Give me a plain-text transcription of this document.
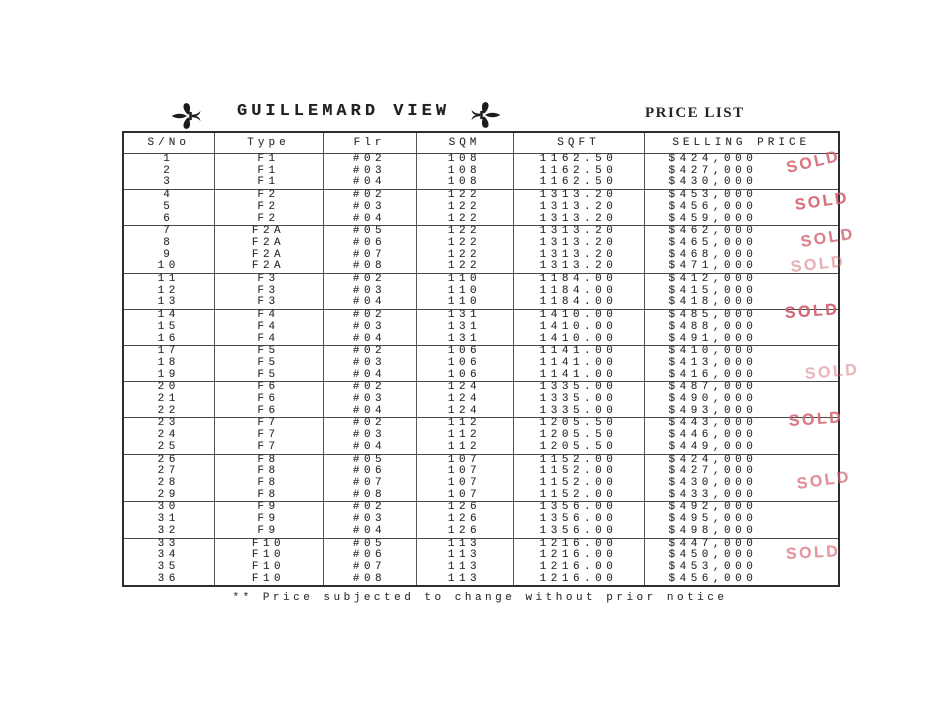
GUILLEMARD VIEW	PRICE LIST
S/No	Type	Flr	SQM	SQFT	SELLING PRICE
1	F1	#02	108	1162.50	$424,000
2	F1	#03	108	1162.50	$427,000 SOLD

3	F1	#04	108	1162.50	$430,000
4	F2	#02	122	1313.20	$453,000
5	F2	#03	122	1313.20	$456,000 SOLD

6	F2	#04	122	1313.20	$459,000
7	F2A	#05	122	1313.20	$462,000
8	F2A	#06	122	1313.20	$465,000 SOLD

9	F2A	#07	122	1313.20	$468,000
10	F2A	#08	122	1313.20	$471,000 SOLD

11	F3	#02	110	1184.00	$412,000
12	F3	#03	110	1184.00	$415,000
13	F3	#04	110	1184.00	$418,000
14	F4	#02	131	1410.00	$485,000 SOLD

15	F4	#03	131	1410.00	$488,000
16	F4	#04	131	1410.00	$491,000
17	F5	#02	106	1141.00	$410,000
18	F5	#03	106	1141.00	$413,000
19	F5	#04	106	1141.00	$416,000 SOLD

20	F6	#02	124	1335.00	$487,000
21	F6	#03	124	1335.00	$490,000
22	F6	#04	124	1335.00	$493,000
23	F7	#02	112	1205.50	$443,000 SOLD

24	F7	#03	112	1205.50	$446,000
25	F7	#04	112	1205.50	$449,000
26	F8	#05	107	1152.00	$424,000
27	F8	#06	107	1152.00	$427,000
28	F8	#07	107	1152.00	$430,000 SOLD

29	F8	#08	107	1152.00	$433,000
30	F9	#02	126	1356.00	$492,000
31	F9	#03	126	1356.00	$495,000
32	F9	#04	126	1356.00	$498,000
33	F10	#05	113	1216.00	$447,000
34	F10	#06	113	1216.00	$450,000 SOLD

35	F10	#07	113	1216.00	$453,000
36	F10	#08	113	1216.00	$456,000
** Price subjected to change without prior notice
